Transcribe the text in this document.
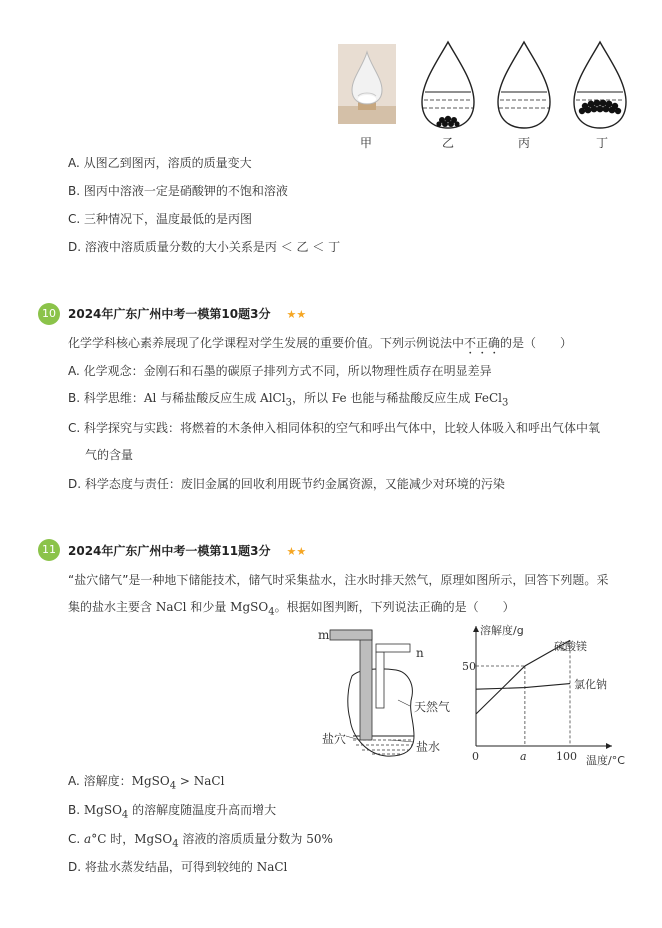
甲	乙	丙	丁
A. 从图乙到图丙，溶质的质量变大
B. 图丙中溶液一定是硝酸钾的不饱和溶液
C. 三种情况下，温度最低的是丙图
D. 溶液中溶质质量分数的大小关系是丙 ＜ 乙 ＜ 丁
10	2024年广东广州中考一模第10题3分 ★★
化学学科核心素养展现了化学课程对学生发展的重要价值。下列示例说法中不正确的是（　　）
A. 化学观念：金刚石和石墨的碳原子排列方式不同，所以物理性质存在明显差异
B. 科学思维：Al 与稀盐酸反应生成 AlCl$_3$，所以 Fe 也能与稀盐酸反应生成 FeCl$_3$
C. 科学探究与实践：将燃着的木条伸入相同体积的空气和呼出气体中，比较人体吸入和呼出气体中氧
气的含量
D. 科学态度与责任：废旧金属的回收利用既节约金属资源，又能减少对环境的污染
11	2024年广东广州中考一模第11题3分 ★★
“盐穴储气”是一种地下储能技术，储气时采集盐水，注水时排天然气，原理如图所示，回答下列题。采
集的盐水主要含 NaCl 和少量 MgSO$_4$。根据如图判断，下列说法正确的是（　　）
m
n
天然气
盐穴
盐水
溶解度/g
50
0	a	100 温度/°C
硫酸镁
氯化钠
A. 溶解度：MgSO$_4$ > NaCl
B. MgSO$_4$ 的溶解度随温度升高而增大
C. a°C 时，MgSO$_4$ 溶液的溶质质量分数为 50%
D. 将盐水蒸发结晶，可得到较纯的 NaCl
